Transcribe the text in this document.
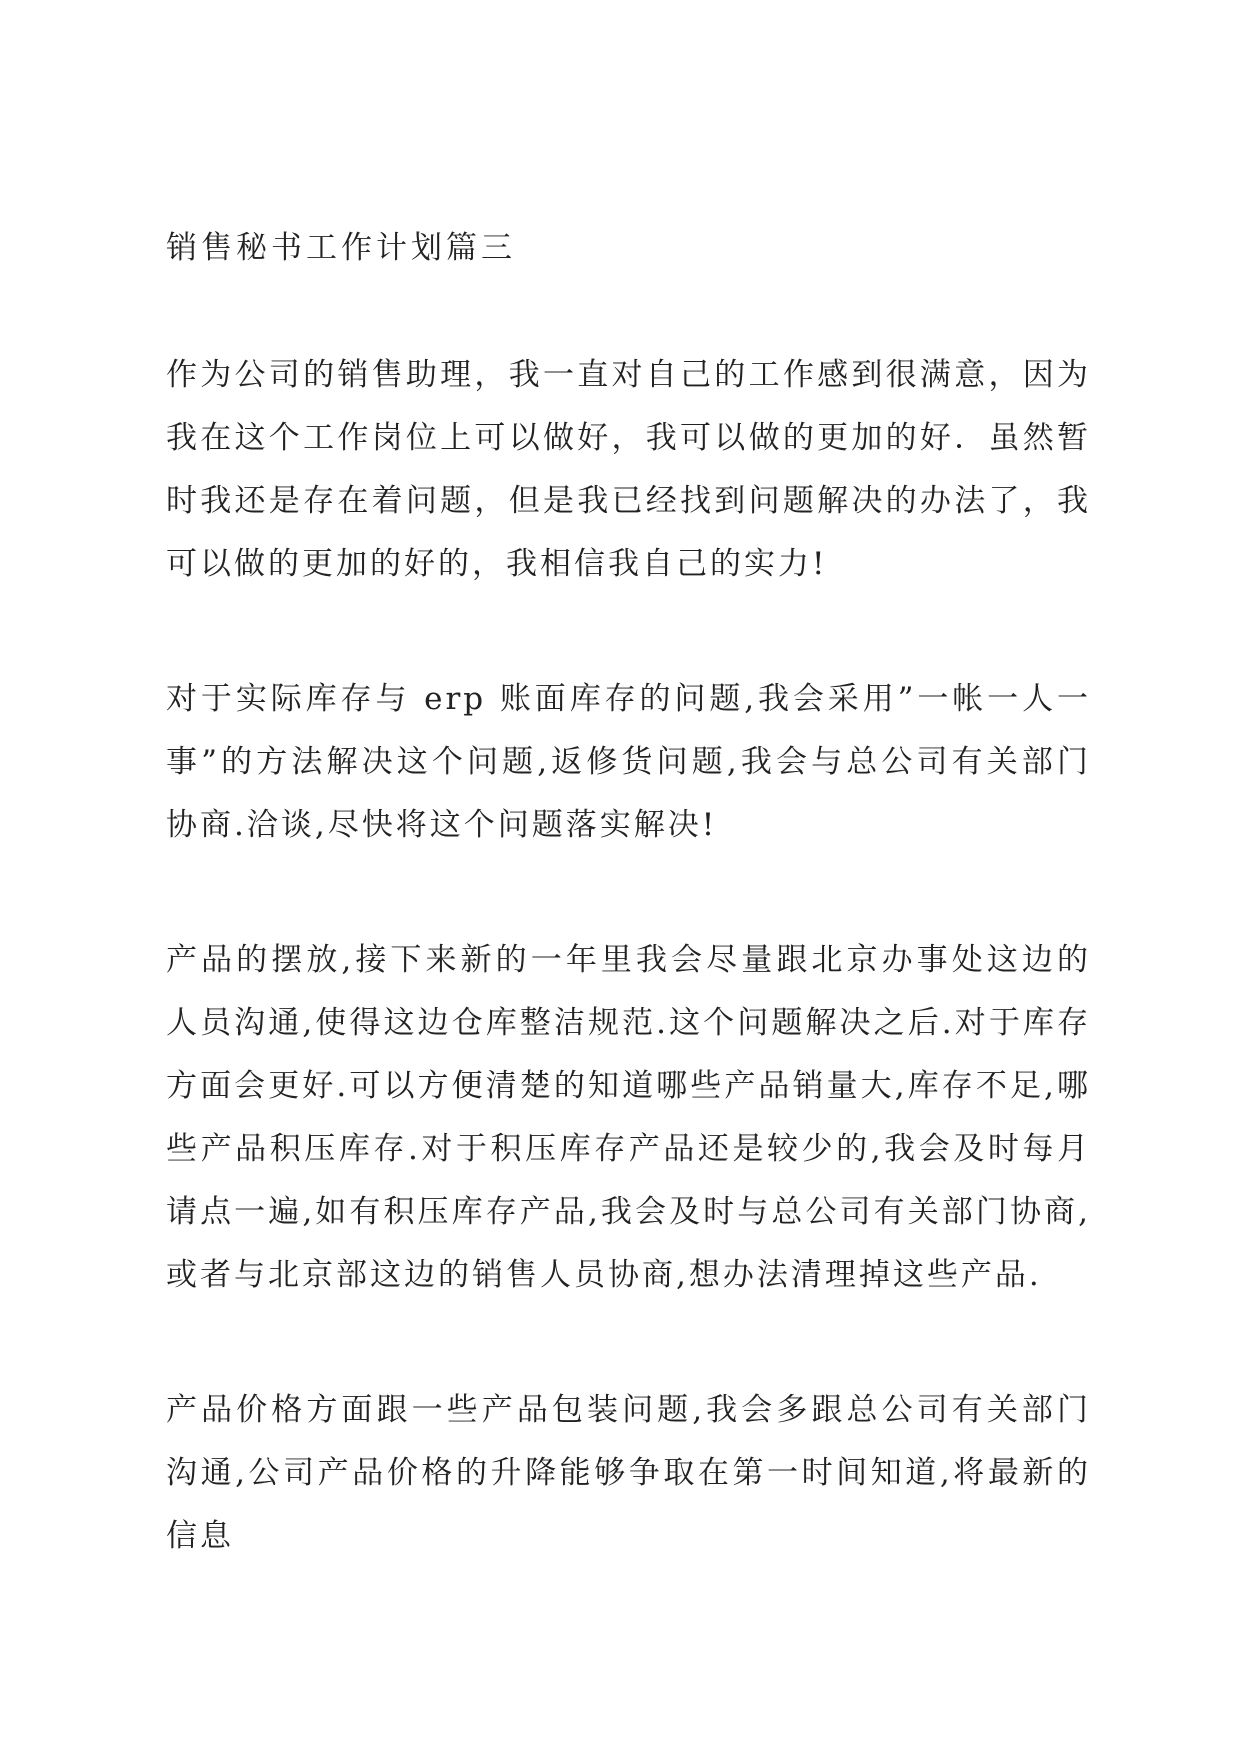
销售秘书工作计划篇三

作为公司的销售助理，我一直对自己的工作感到很满意，因为我在这个工作岗位上可以做好，我可以做的更加的好．虽然暂时我还是存在着问题，但是我已经找到问题解决的办法了，我可以做的更加的好的，我相信我自己的实力!

对于实际库存与 erp 账面库存的问题,我会采用”一帐一人一事”的方法解决这个问题,返修货问题,我会与总公司有关部门协商.洽谈,尽快将这个问题落实解决!

产品的摆放,接下来新的一年里我会尽量跟北京办事处这边的人员沟通,使得这边仓库整洁规范.这个问题解决之后.对于库存方面会更好.可以方便清楚的知道哪些产品销量大,库存不足,哪些产品积压库存.对于积压库存产品还是较少的,我会及时每月请点一遍,如有积压库存产品,我会及时与总公司有关部门协商,或者与北京部这边的销售人员协商,想办法清理掉这些产品.

产品价格方面跟一些产品包装问题,我会多跟总公司有关部门沟通,公司产品价格的升降能够争取在第一时间知道,将最新的信息
